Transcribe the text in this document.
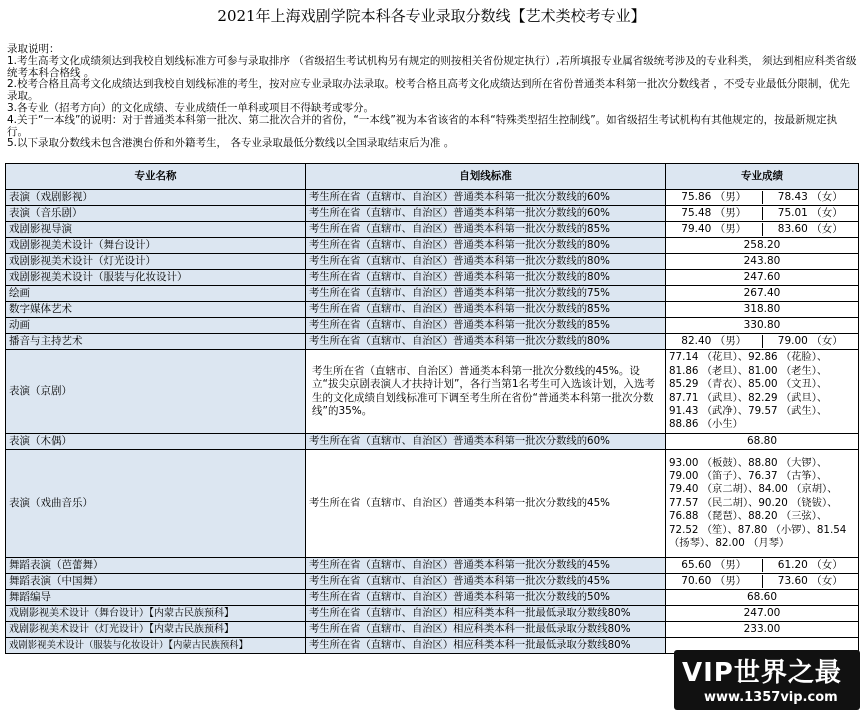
2021年上海戏剧学院本科各专业录取分数线【艺术类校考专业】
录取说明：
1.考生高考文化成绩须达到我校自划线标准方可参与录取排序 （省级招生考试机构另有规定的则按相关省份规定执行）,若所填报专业属省级统考涉及的专业科类， 须达到相应科类省级统考本科合格线 。
2.校考合格且高考文化成绩达到我校自划线标准的考生，按对应专业录取办法录取。校考合格且高考文化成绩达到所在省份普通类本科第一批次分数线者 ，不受专业最低分限制，优先录取。
3.各专业（招考方向）的文化成绩、专业成绩任一单科或项目不得缺考或零分。
4.关于“一本线”的说明：对于普通类本科第一批次、第二批次合并的省份，“一本线”视为本省该省的本科“特殊类型招生控制线”。如省级招生考试机构有其他规定的，按最新规定执行。
5.以下录取分数线未包含港澳台侨和外籍考生， 各专业录取最低分数线以全国录取结束后为准 。
专业名称	自划线标准	专业成绩
表演（戏剧影视）	考生所在省（直辖市、自治区）普通类本科第一批次分数线的60%	75.86 （男） 78.43 （女）

表演（音乐剧）	考生所在省（直辖市、自治区）普通类本科第一批次分数线的60%	75.48 （男） 75.01 （女）

戏剧影视导演	考生所在省（直辖市、自治区）普通类本科第一批次分数线的85%	79.40 （男） 83.60 （女）

戏剧影视美术设计（舞台设计）	考生所在省（直辖市、自治区）普通类本科第一批次分数线的80%	258.20
戏剧影视美术设计（灯光设计）	考生所在省（直辖市、自治区）普通类本科第一批次分数线的80%	243.80
戏剧影视美术设计（服装与化妆设计）	考生所在省（直辖市、自治区）普通类本科第一批次分数线的80%	247.60
绘画	考生所在省（直辖市、自治区）普通类本科第一批次分数线的75%	267.40
数字媒体艺术	考生所在省（直辖市、自治区）普通类本科第一批次分数线的85%	318.80
动画	考生所在省（直辖市、自治区）普通类本科第一批次分数线的85%	330.80
播音与主持艺术	考生所在省（直辖市、自治区）普通类本科第一批次分数线的80%	82.40 （男） 79.00 （女）

表演（京剧）	考生所在省（直辖市、自治区）普通类本科第一批次分数线的45%。设立“拔尖京剧表演人才扶持计划”，各行当第1名考生可入选该计划，入选考生的文化成绩自划线标准可下调至考生所在省份“普通类本科第一批次分数线”的35%。	77.14 （花旦）、92.86 （花脸）、81.86 （老旦）、81.00 （老生）、85.29 （青衣）、85.00 （文丑）、87.71 （武旦）、82.29 （武旦）、91.43 （武净）、79.57 （武生）、88.86 （小生）
表演（木偶）	考生所在省（直辖市、自治区）普通类本科第一批次分数线的60%	68.80
表演（戏曲音乐）	考生所在省（直辖市、自治区）普通类本科第一批次分数线的45%	93.00 （板鼓）、88.80 （大锣）、79.00 （笛子）、76.37 （古筝）、79.40 （京二胡）、84.00 （京胡）、77.57 （民二胡）、90.20 （铙钹）、76.88 （琵琶）、88.20 （三弦）、72.52 （笙）、87.80 （小锣）、81.54 （扬琴）、82.00 （月琴）
舞蹈表演（芭蕾舞）	考生所在省（直辖市、自治区）普通类本科第一批次分数线的45%	65.60 （男） 61.20 （女）

舞蹈表演（中国舞）	考生所在省（直辖市、自治区）普通类本科第一批次分数线的45%	70.60 （男） 73.60 （女）

舞蹈编导	考生所在省（直辖市、自治区）普通类本科第一批次分数线的50%	68.60
戏剧影视美术设计（舞台设计）【内蒙古民族预科】	考生所在省（直辖市、自治区）相应科类本科一批最低录取分数线80%	247.00
戏剧影视美术设计（灯光设计）【内蒙古民族预科】	考生所在省（直辖市、自治区）相应科类本科一批最低录取分数线80%	233.00
戏剧影视美术设计（服装与化妆设计）【内蒙古民族预科】	考生所在省（直辖市、自治区）相应科类本科一批最低录取分数线80%	
VIP世界之最
www.1357vip.com
